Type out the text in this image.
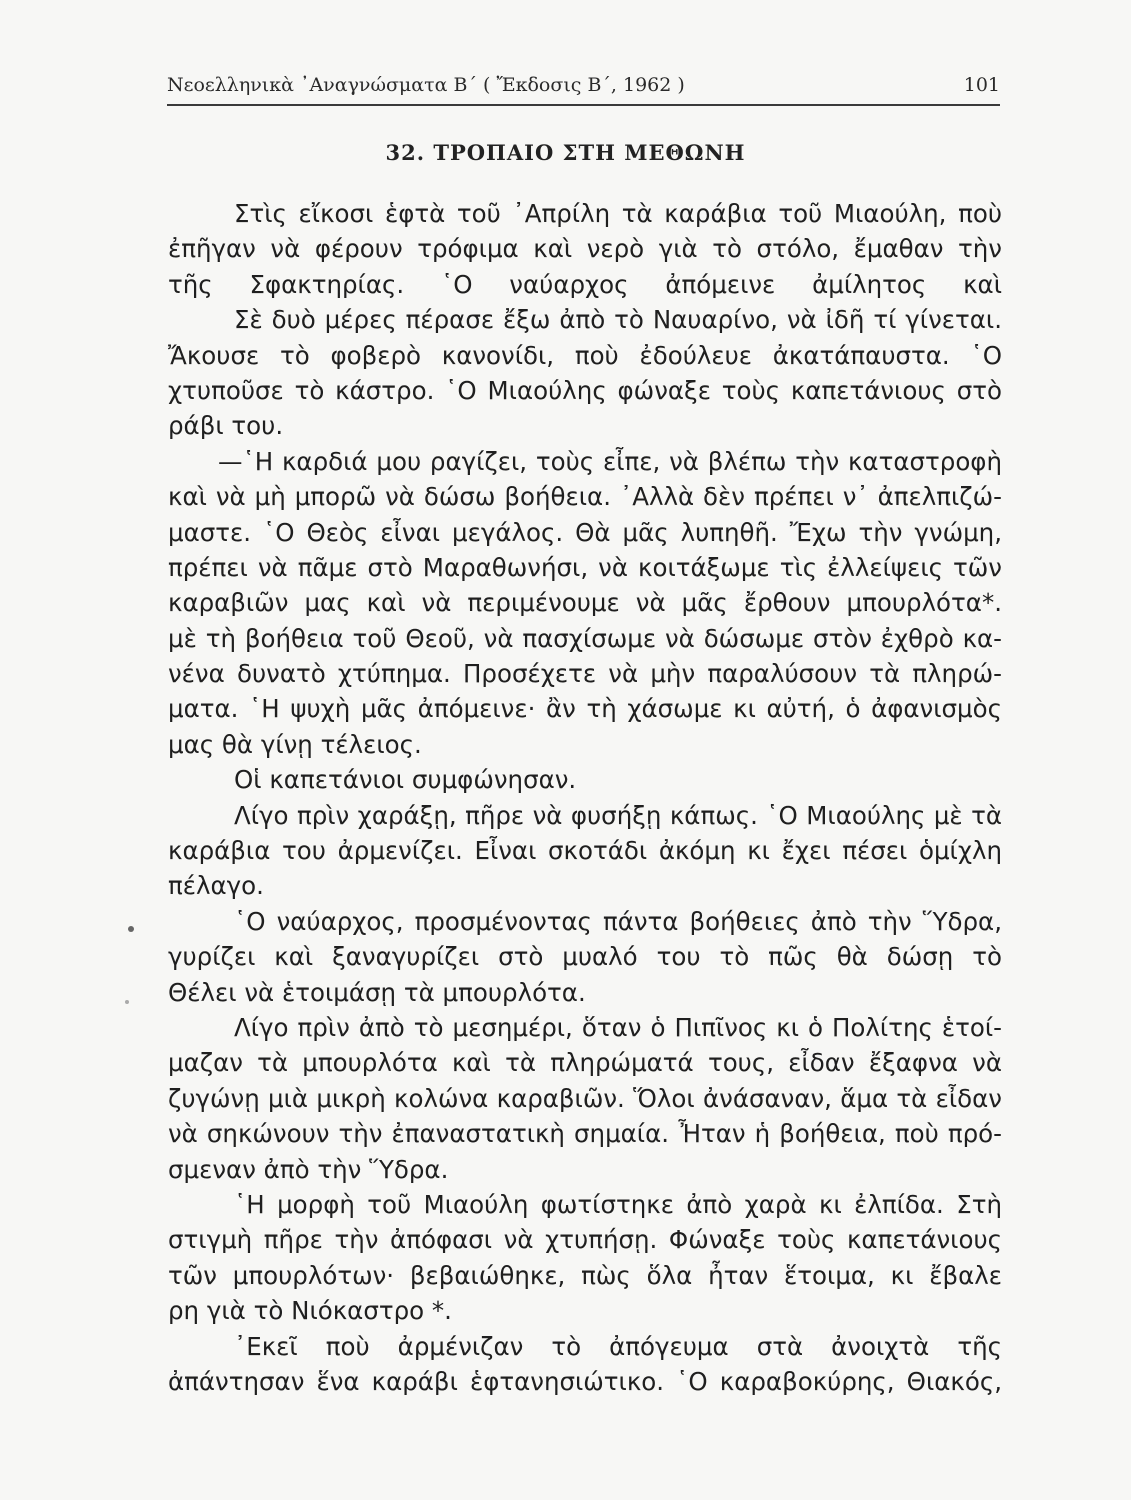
Νεοελληνικὰ ᾿Αναγνώσματα Β΄ ( Ἔκδοσις Β΄, 1962 )	101
32. ΤΡΟΠΑΙΟ ΣΤΗ ΜΕΘΩΝΗ
Στὶς εἴκοσι ἑφτὰ τοῦ ᾿Απρίλη τὰ καράβια τοῦ Μιαούλη, ποὺ
ἐπῆγαν νὰ φέρουν τρόφιμα καὶ νερὸ γιὰ τὸ στόλο, ἔμαθαν τὴν
τῆς Σφακτηρίας. ῾Ο ναύαρχος ἀπόμεινε ἀμίλητος καὶ
Σὲ δυὸ μέρες πέρασε ἔξω ἀπὸ τὸ Ναυαρίνο, νὰ ἰδῆ τί γίνεται.
Ἄκουσε τὸ φοβερὸ κανονίδι, ποὺ ἐδούλευε ἀκατάπαυστα. ῾Ο
χτυποῦσε τὸ κάστρο. ῾Ο Μιαούλης φώναξε τοὺς καπετάνιους στὸ
ράβι του.
—῾Η καρδιά μου ραγίζει, τοὺς εἶπε, νὰ βλέπω τὴν καταστροφὴ
καὶ νὰ μὴ μπορῶ νὰ δώσω βοήθεια. ᾿Αλλὰ δὲν πρέπει ν᾿ ἀπελπιζώ-
μαστε. ῾Ο Θεὸς εἶναι μεγάλος. Θὰ μᾶς λυπηθῆ. Ἔχω τὴν γνώμη,
πρέπει νὰ πᾶμε στὸ Μαραθωνήσι, νὰ κοιτάξωμε τὶς ἐλλείψεις τῶν
καραβιῶν μας καὶ νὰ περιμένουμε νὰ μᾶς ἔρθουν μπουρλότα*.
μὲ τὴ βοήθεια τοῦ Θεοῦ, νὰ πασχίσωμε νὰ δώσωμε στὸν ἐχθρὸ κα-
νένα δυνατὸ χτύπημα. Προσέχετε νὰ μὴν παραλύσουν τὰ πληρώ-
ματα. ῾Η ψυχὴ μᾶς ἀπόμεινε· ἂν τὴ χάσωμε κι αὐτή, ὁ ἀφανισμὸς
μας θὰ γίνῃ τέλειος.
Οἱ καπετάνιοι συμφώνησαν.
Λίγο πρὶν χαράξῃ, πῆρε νὰ φυσήξῃ κάπως. ῾Ο Μιαούλης μὲ τὰ
καράβια του ἀρμενίζει. Εἶναι σκοτάδι ἀκόμη κι ἔχει πέσει ὁμίχλη
πέλαγο.
῾Ο ναύαρχος, προσμένοντας πάντα βοήθειες ἀπὸ τὴν Ὕδρα,
γυρίζει καὶ ξαναγυρίζει στὸ μυαλό του τὸ πῶς θὰ δώσῃ τὸ
Θέλει νὰ ἑτοιμάσῃ τὰ μπουρλότα.
Λίγο πρὶν ἀπὸ τὸ μεσημέρι, ὅταν ὁ Πιπῖνος κι ὁ Πολίτης ἑτοί-
μαζαν τὰ μπουρλότα καὶ τὰ πληρώματά τους, εἶδαν ἔξαφνα νὰ
ζυγώνῃ μιὰ μικρὴ κολώνα καραβιῶν. Ὅλοι ἀνάσαναν, ἅμα τὰ εἶδαν
νὰ σηκώνουν τὴν ἐπαναστατικὴ σημαία. Ἦταν ἡ βοήθεια, ποὺ πρό-
σμεναν ἀπὸ τὴν Ὕδρα.
῾Η μορφὴ τοῦ Μιαούλη φωτίστηκε ἀπὸ χαρὰ κι ἐλπίδα. Στὴ
στιγμὴ πῆρε τὴν ἀπόφασι νὰ χτυπήσῃ. Φώναξε τοὺς καπετάνιους
τῶν μπουρλότων· βεβαιώθηκε, πὼς ὅλα ἦταν ἕτοιμα, κι ἔβαλε
ρη γιὰ τὸ Νιόκαστρο *.
᾿Εκεῖ ποὺ ἀρμένιζαν τὸ ἀπόγευμα στὰ ἀνοιχτὰ τῆς
ἀπάντησαν ἕνα καράβι ἑφτανησιώτικο. ῾Ο καραβοκύρης, Θιακός,
